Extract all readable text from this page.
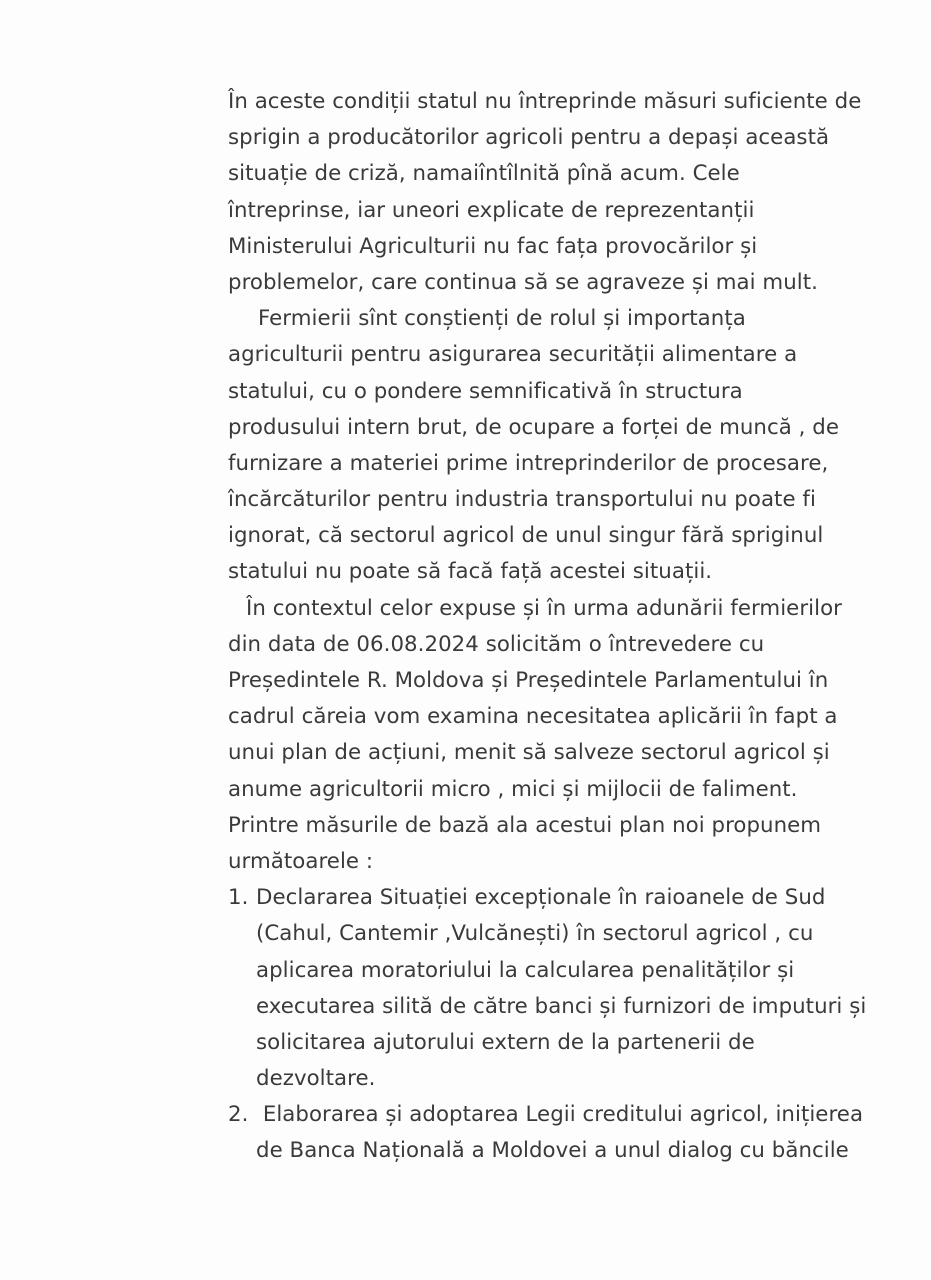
În aceste condiții statul nu întreprinde măsuri suficiente de
sprigin a producătorilor agricoli pentru a depași această
situație de criză, namaiîntîlnită pînă acum. Cele
întreprinse, iar uneori explicate de reprezentanții
Ministerului Agriculturii nu fac fața provocărilor și
problemelor, care continua să se agraveze și mai mult.
Fermierii sînt conștienți de rolul și importanța
agriculturii pentru asigurarea securității alimentare a
statului, cu o pondere semnificativă în structura
produsului intern brut, de ocupare a forței de muncă , de
furnizare a materiei prime intreprinderilor de procesare,
încărcăturilor pentru industria transportului nu poate fi
ignorat, că sectorul agricol de unul singur fără spriginul
statului nu poate să facă față acestei situații.
În contextul celor expuse și în urma adunării fermierilor
din data de 06.08.2024 solicităm o întrevedere cu
Președintele R. Moldova și Președintele Parlamentului în
cadrul căreia vom examina necesitatea aplicării în fapt a
unui plan de acțiuni, menit să salveze sectorul agricol și
anume agricultorii micro , mici și mijlocii de faliment.
Printre măsurile de bază ala acestui plan noi propunem
următoarele :
1. Declararea Situației excepționale în raioanele de Sud
(Cahul, Cantemir ,Vulcănești) în sectorul agricol , cu
aplicarea moratoriului la calcularea penalităților și
executarea silită de către banci și furnizori de imputuri și
solicitarea ajutorului extern de la partenerii de
dezvoltare.
2. Elaborarea și adoptarea Legii creditului agricol, inițierea
de Banca Națională a Moldovei a unul dialog cu băncile
